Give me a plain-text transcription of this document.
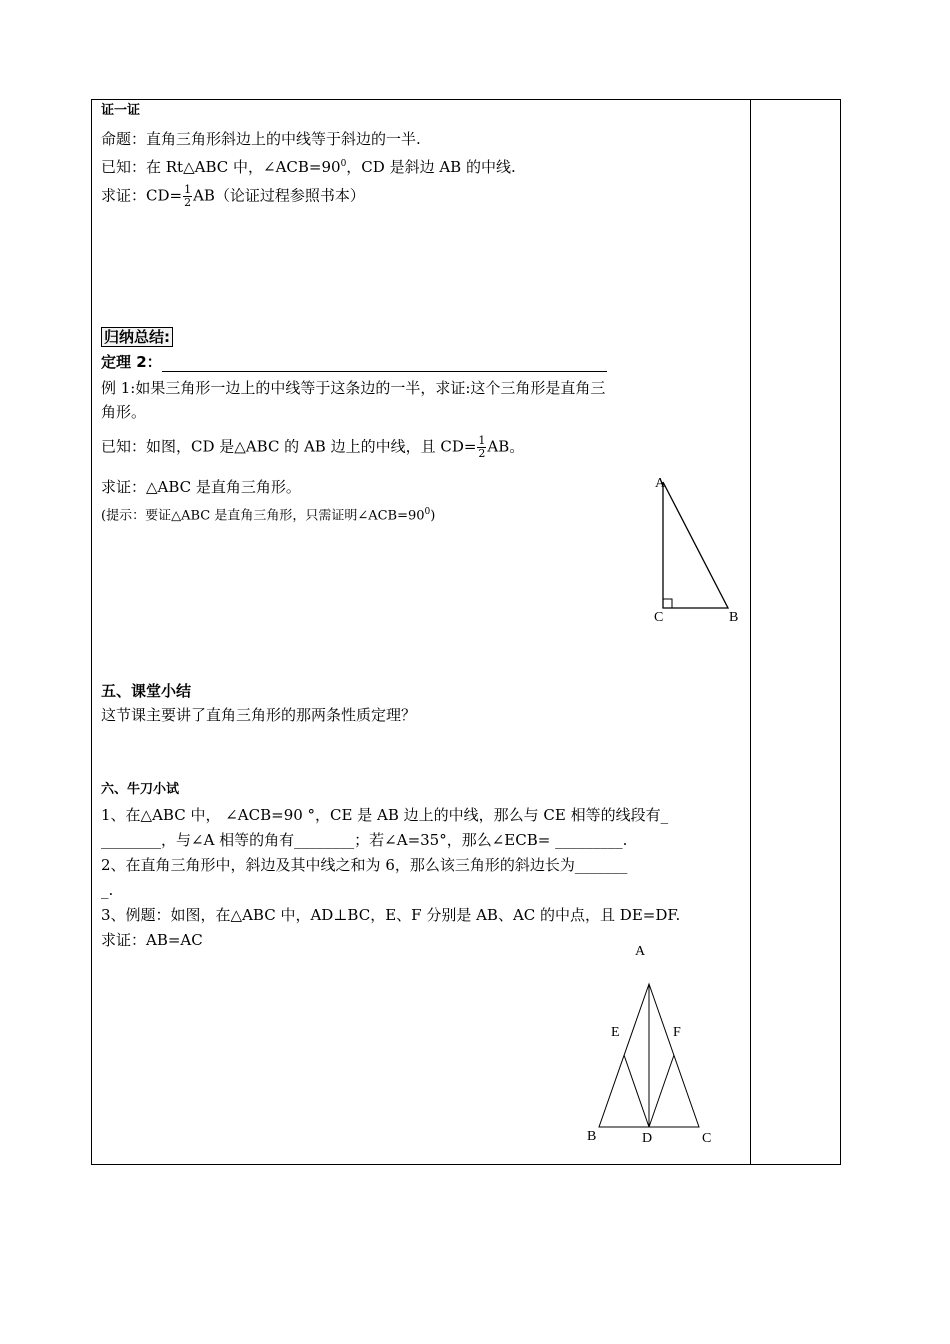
证一证
命题：直角三角形斜边上的中线等于斜边的一半.
已知：在 Rt△ABC 中，$\angle ACB=90^0$，CD 是斜边 AB 的中线.
求证：$CD= \frac{1}{2} AB$（论证过程参照书本）
归纳总结:
定理 2：
例 1:如果三角形一边上的中线等于这条边的一半，求证:这个三角形是直角三
角形。
已知：如图，CD 是△ABC 的 AB 边上的中线，且 $CD= \frac{1}{2}$ AB。
求证：△ABC 是直角三角形。
(提示：要证△ABC 是直角三角形，只需证明$\angle ACB=90^0$)
A
C	B
五、课堂小结
这节课主要讲了直角三角形的那两条性质定理？
六、牛刀小试
1、在△ABC 中， ∠ACB=90 °，CE 是 AB 边上的中线，那么与 CE 相等的线段有_
________，与∠A 相等的角有________；若∠A=35°，那么∠ECB= _________.
2、在直角三角形中，斜边及其中线之和为 6，那么该三角形的斜边长为_______
_.
3、例题：如图，在△ABC 中，AD⊥BC，E、F 分别是 AB、AC 的中点，且 DE=DF.
求证：AB=AC
A
E	F
B	D	C
